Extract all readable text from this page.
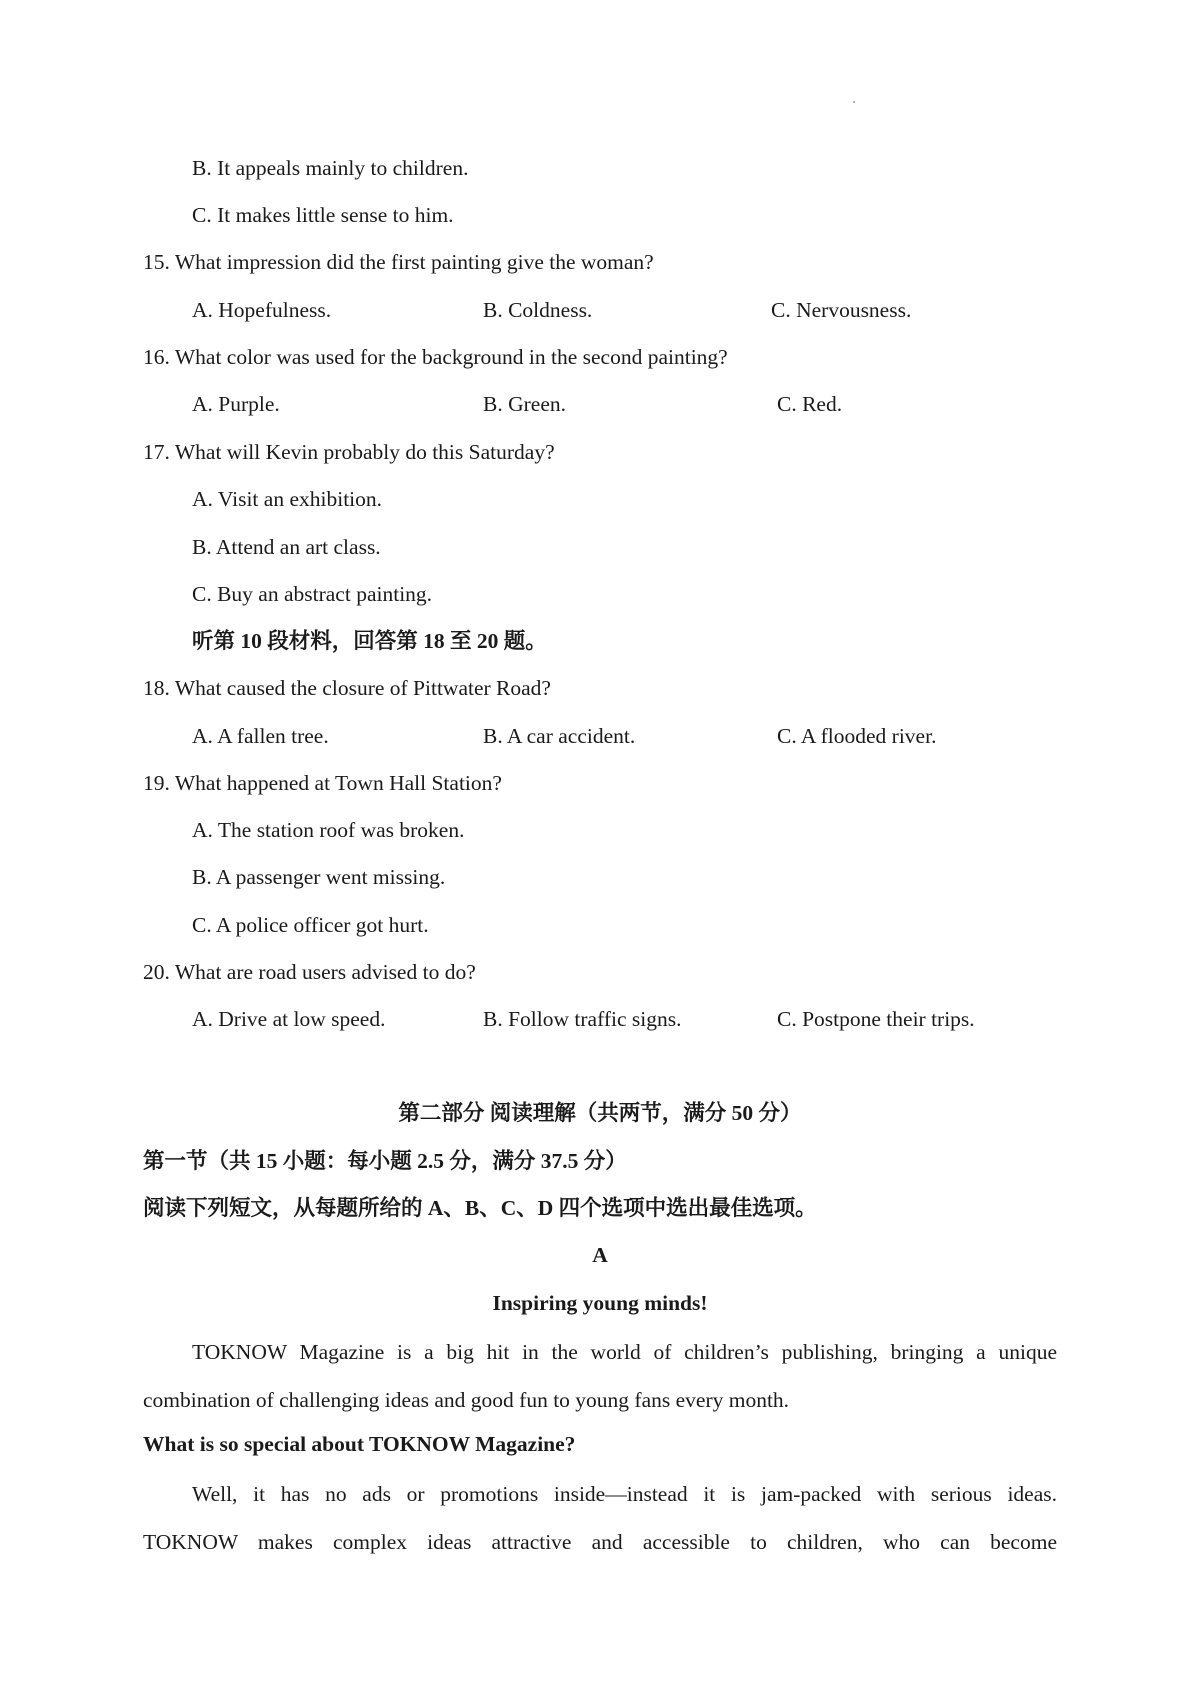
B. It appeals mainly to children.
C. It makes little sense to him.
15. What impression did the first painting give the woman?
A. Hopefulness.	B. Coldness.	C. Nervousness.
16. What color was used for the background in the second painting?
A. Purple.	B. Green.	C. Red.
17. What will Kevin probably do this Saturday?
A. Visit an exhibition.
B. Attend an art class.
C. Buy an abstract painting.
听第 10 段材料，回答第 18 至 20 题。
18. What caused the closure of Pittwater Road?
A. A fallen tree.	B. A car accident.	C. A flooded river.
19. What happened at Town Hall Station?
A. The station roof was broken.
B. A passenger went missing.
C. A police officer got hurt.
20. What are road users advised to do?
A. Drive at low speed.	B. Follow traffic signs.	C. Postpone their trips.
第二部分 阅读理解（共两节，满分 50 分）
第一节（共 15 小题：每小题 2.5 分，满分 37.5 分）
阅读下列短文，从每题所给的 A、B、C、D 四个选项中选出最佳选项。
A
Inspiring young minds!
TOKNOW Magazine is a big hit in the world of children’s publishing, bringing a unique
combination of challenging ideas and good fun to young fans every month.
What is so special about TOKNOW Magazine?
Well, it has no ads or promotions inside—instead it is jam-packed with serious ideas.
TOKNOW makes complex ideas attractive and accessible to children, who can become
